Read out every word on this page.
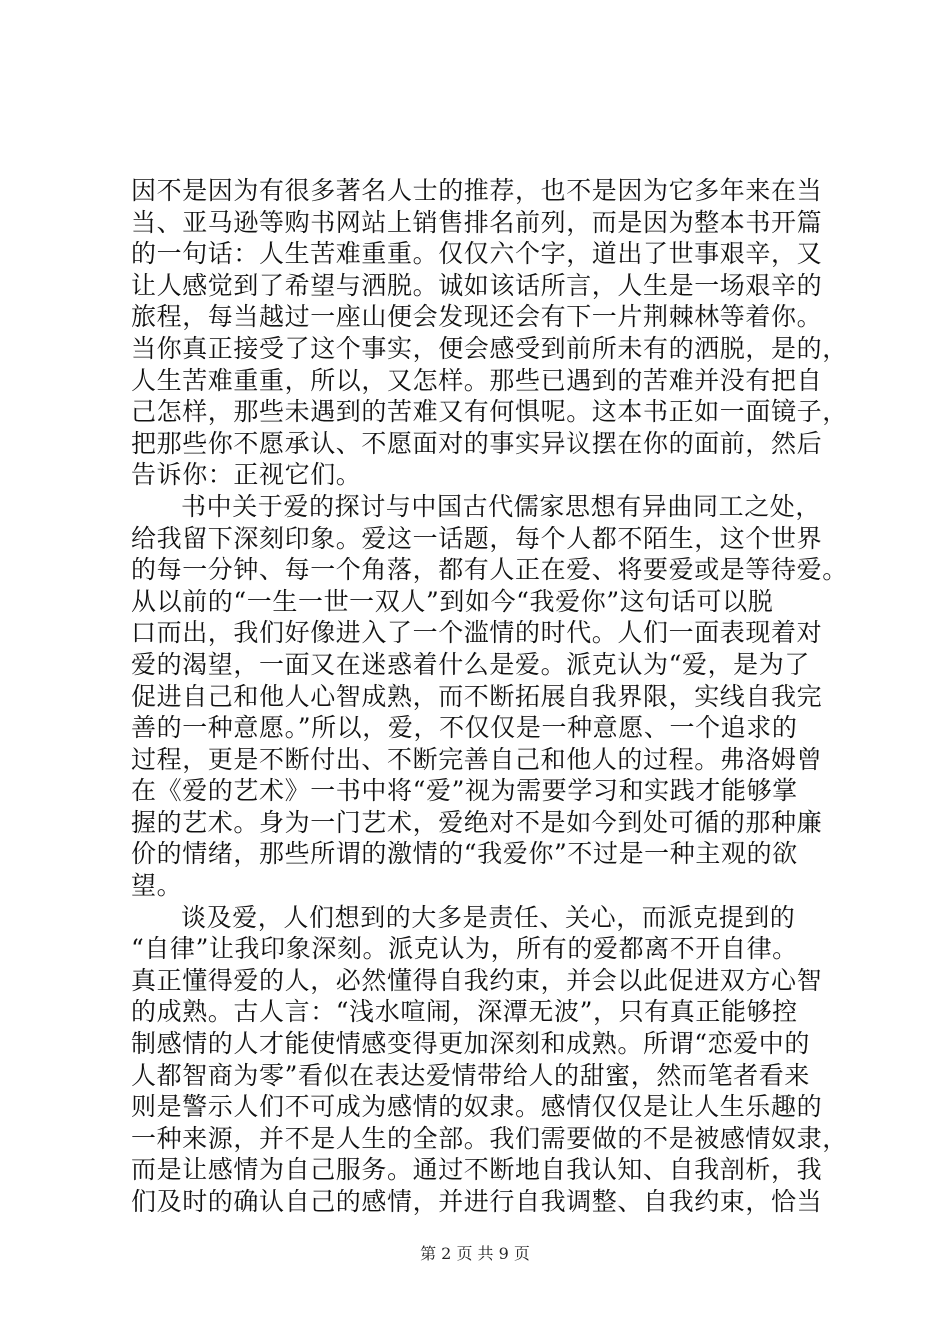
因不是因为有很多著名人士的推荐，也不是因为它多年来在当
当、亚马逊等购书网站上销售排名前列，而是因为整本书开篇
的一句话：人生苦难重重。仅仅六个字，道出了世事艰辛，又
让人感觉到了希望与洒脱。诚如该话所言，人生是一场艰辛的
旅程，每当越过一座山便会发现还会有下一片荆棘林等着你。
当你真正接受了这个事实，便会感受到前所未有的洒脱，是的，
人生苦难重重，所以，又怎样。那些已遇到的苦难并没有把自
己怎样，那些未遇到的苦难又有何惧呢。这本书正如一面镜子，
把那些你不愿承认、不愿面对的事实异议摆在你的面前，然后
告诉你：正视它们。
书中关于爱的探讨与中国古代儒家思想有异曲同工之处，
给我留下深刻印象。爱这一话题，每个人都不陌生，这个世界
的每一分钟、每一个角落，都有人正在爱、将要爱或是等待爱。
从以前的“一生一世一双人”到如今“我爱你”这句话可以脱
口而出，我们好像进入了一个滥情的时代。人们一面表现着对
爱的渴望，一面又在迷惑着什么是爱。派克认为“爱，是为了
促进自己和他人心智成熟，而不断拓展自我界限，实线自我完
善的一种意愿。”所以，爱，不仅仅是一种意愿、一个追求的
过程，更是不断付出、不断完善自己和他人的过程。弗洛姆曾
在《爱的艺术》一书中将“爱”视为需要学习和实践才能够掌
握的艺术。身为一门艺术，爱绝对不是如今到处可循的那种廉
价的情绪，那些所谓的激情的“我爱你”不过是一种主观的欲
望。
谈及爱，人们想到的大多是责任、关心，而派克提到的
“自律”让我印象深刻。派克认为，所有的爱都离不开自律。
真正懂得爱的人，必然懂得自我约束，并会以此促进双方心智
的成熟。古人言：“浅水喧闹，深潭无波”，只有真正能够控
制感情的人才能使情感变得更加深刻和成熟。所谓“恋爱中的
人都智商为零”看似在表达爱情带给人的甜蜜，然而笔者看来
则是警示人们不可成为感情的奴隶。感情仅仅是让人生乐趣的
一种来源，并不是人生的全部。我们需要做的不是被感情奴隶，
而是让感情为自己服务。通过不断地自我认知、自我剖析，我
们及时的确认自己的感情，并进行自我调整、自我约束，恰当
第 2 页 共 9 页
